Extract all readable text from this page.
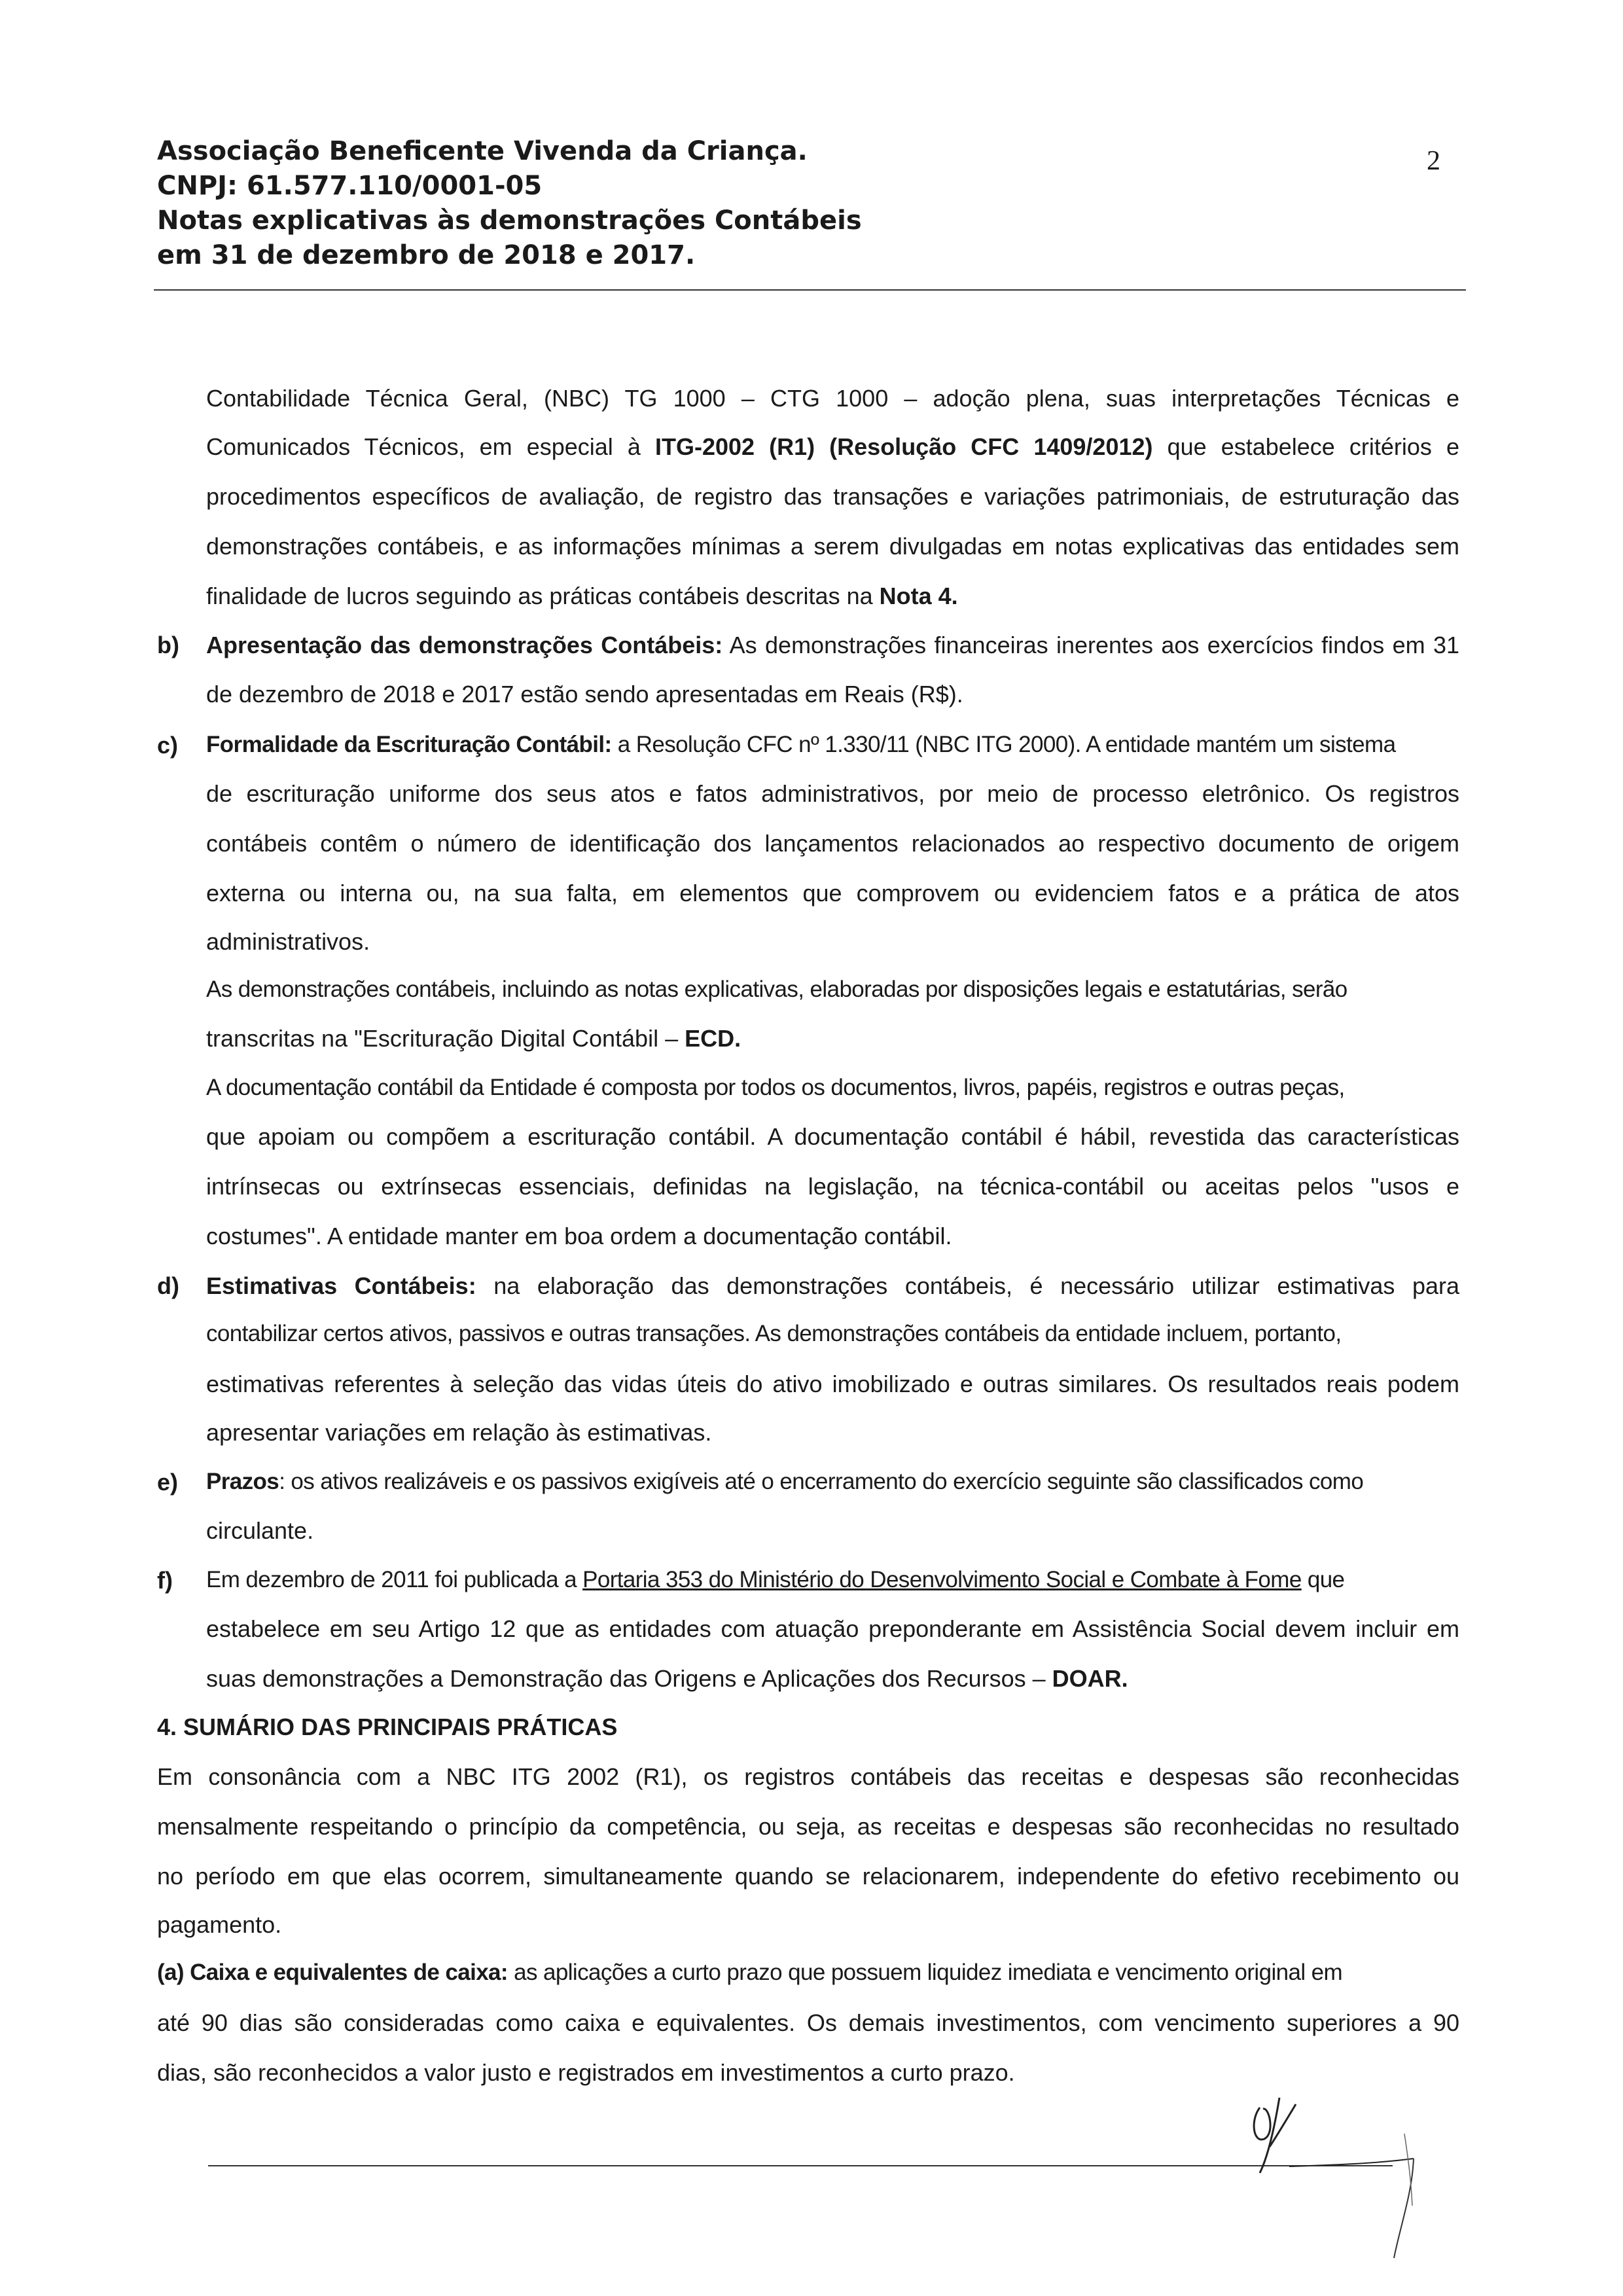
Associação Beneficente Vivenda da Criança.
CNPJ: 61.577.110/0001-05
Notas explicativas às demonstrações Contábeis
em 31 de dezembro de 2018 e 2017.
2
Contabilidade Técnica Geral, (NBC) TG 1000 – CTG 1000 – adoção plena, suas interpretações Técnicas e
Comunicados Técnicos, em especial à ITG-2002 (R1) (Resolução CFC 1409/2012) que estabelece critérios e
procedimentos específicos de avaliação, de registro das transações e variações patrimoniais, de estruturação das
demonstrações contábeis, e as informações mínimas a serem divulgadas em notas explicativas das entidades sem
finalidade de lucros seguindo as práticas contábeis descritas na Nota 4.
b) Apresentação das demonstrações Contábeis: As demonstrações financeiras inerentes aos exercícios findos em 31
de dezembro de 2018 e 2017 estão sendo apresentadas em Reais (R$).
c) Formalidade da Escrituração Contábil: a Resolução CFC nº 1.330/11 (NBC ITG 2000). A entidade mantém um sistema
de escrituração uniforme dos seus atos e fatos administrativos, por meio de processo eletrônico. Os registros
contábeis contêm o número de identificação dos lançamentos relacionados ao respectivo documento de origem
externa ou interna ou, na sua falta, em elementos que comprovem ou evidenciem fatos e a prática de atos
administrativos.
As demonstrações contábeis, incluindo as notas explicativas, elaboradas por disposições legais e estatutárias, serão
transcritas na "Escrituração Digital Contábil – ECD.
A documentação contábil da Entidade é composta por todos os documentos, livros, papéis, registros e outras peças,
que apoiam ou compõem a escrituração contábil. A documentação contábil é hábil, revestida das características
intrínsecas ou extrínsecas essenciais, definidas na legislação, na técnica-contábil ou aceitas pelos "usos e
costumes". A entidade manter em boa ordem a documentação contábil.
d) Estimativas Contábeis: na elaboração das demonstrações contábeis, é necessário utilizar estimativas para
contabilizar certos ativos, passivos e outras transações. As demonstrações contábeis da entidade incluem, portanto,
estimativas referentes à seleção das vidas úteis do ativo imobilizado e outras similares. Os resultados reais podem
apresentar variações em relação às estimativas.
e) Prazos: os ativos realizáveis e os passivos exigíveis até o encerramento do exercício seguinte são classificados como
circulante.
f) Em dezembro de 2011 foi publicada a Portaria 353 do Ministério do Desenvolvimento Social e Combate à Fome que
estabelece em seu Artigo 12 que as entidades com atuação preponderante em Assistência Social devem incluir em
suas demonstrações a Demonstração das Origens e Aplicações dos Recursos – DOAR.
4. SUMÁRIO DAS PRINCIPAIS PRÁTICAS
Em consonância com a NBC ITG 2002 (R1), os registros contábeis das receitas e despesas são reconhecidas
mensalmente respeitando o princípio da competência, ou seja, as receitas e despesas são reconhecidas no resultado
no período em que elas ocorrem, simultaneamente quando se relacionarem, independente do efetivo recebimento ou
pagamento.
(a) Caixa e equivalentes de caixa: as aplicações a curto prazo que possuem liquidez imediata e vencimento original em
até 90 dias são consideradas como caixa e equivalentes. Os demais investimentos, com vencimento superiores a 90
dias, são reconhecidos a valor justo e registrados em investimentos a curto prazo.
